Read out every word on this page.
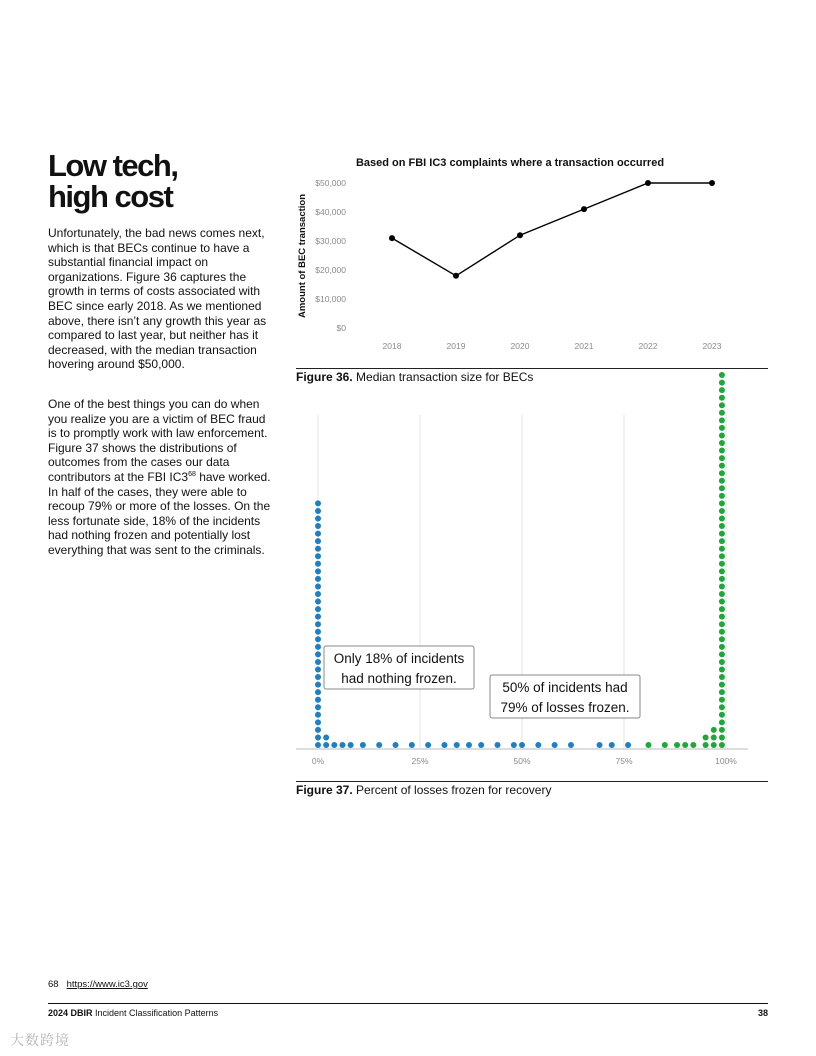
Low tech,
high cost

Unfortunately, the bad news comes next, which is that BECs continue to have a substantial financial impact on organizations. Figure 36 captures the growth in terms of costs associated with BEC since early 2018. As we mentioned above, there isn’t any growth this year as compared to last year, but neither has it decreased, with the median transaction hovering around $50,000.

One of the best things you can do when you realize you are a victim of BEC fraud is to promptly work with law enforcement. Figure 37 shows the distributions of outcomes from the cases our data contributors at the FBI $IC3^{68}$ have worked. In half of the cases, they were able to recoup 79% or more of the losses. On the less fortunate side, 18% of the incidents had nothing frozen and potentially lost everything that was sent to the criminals.

Based on FBI IC3 complaints where a transaction occurred
Amount of BEC transaction
$0
$10,000
$20,000
$30,000
$40,000
$50,000
2018	2019	2020	2021	2022	2023

Figure 36. Median transaction size for BECs

0%	25%	50%	75%	100%
Only 18% of incidents
had nothing frozen.
50% of incidents had
79% of losses frozen.

Figure 37. Percent of losses frozen for recovery

68 https://www.ic3.gov
2024 DBIR Incident Classification Patterns	38
大数跨境
